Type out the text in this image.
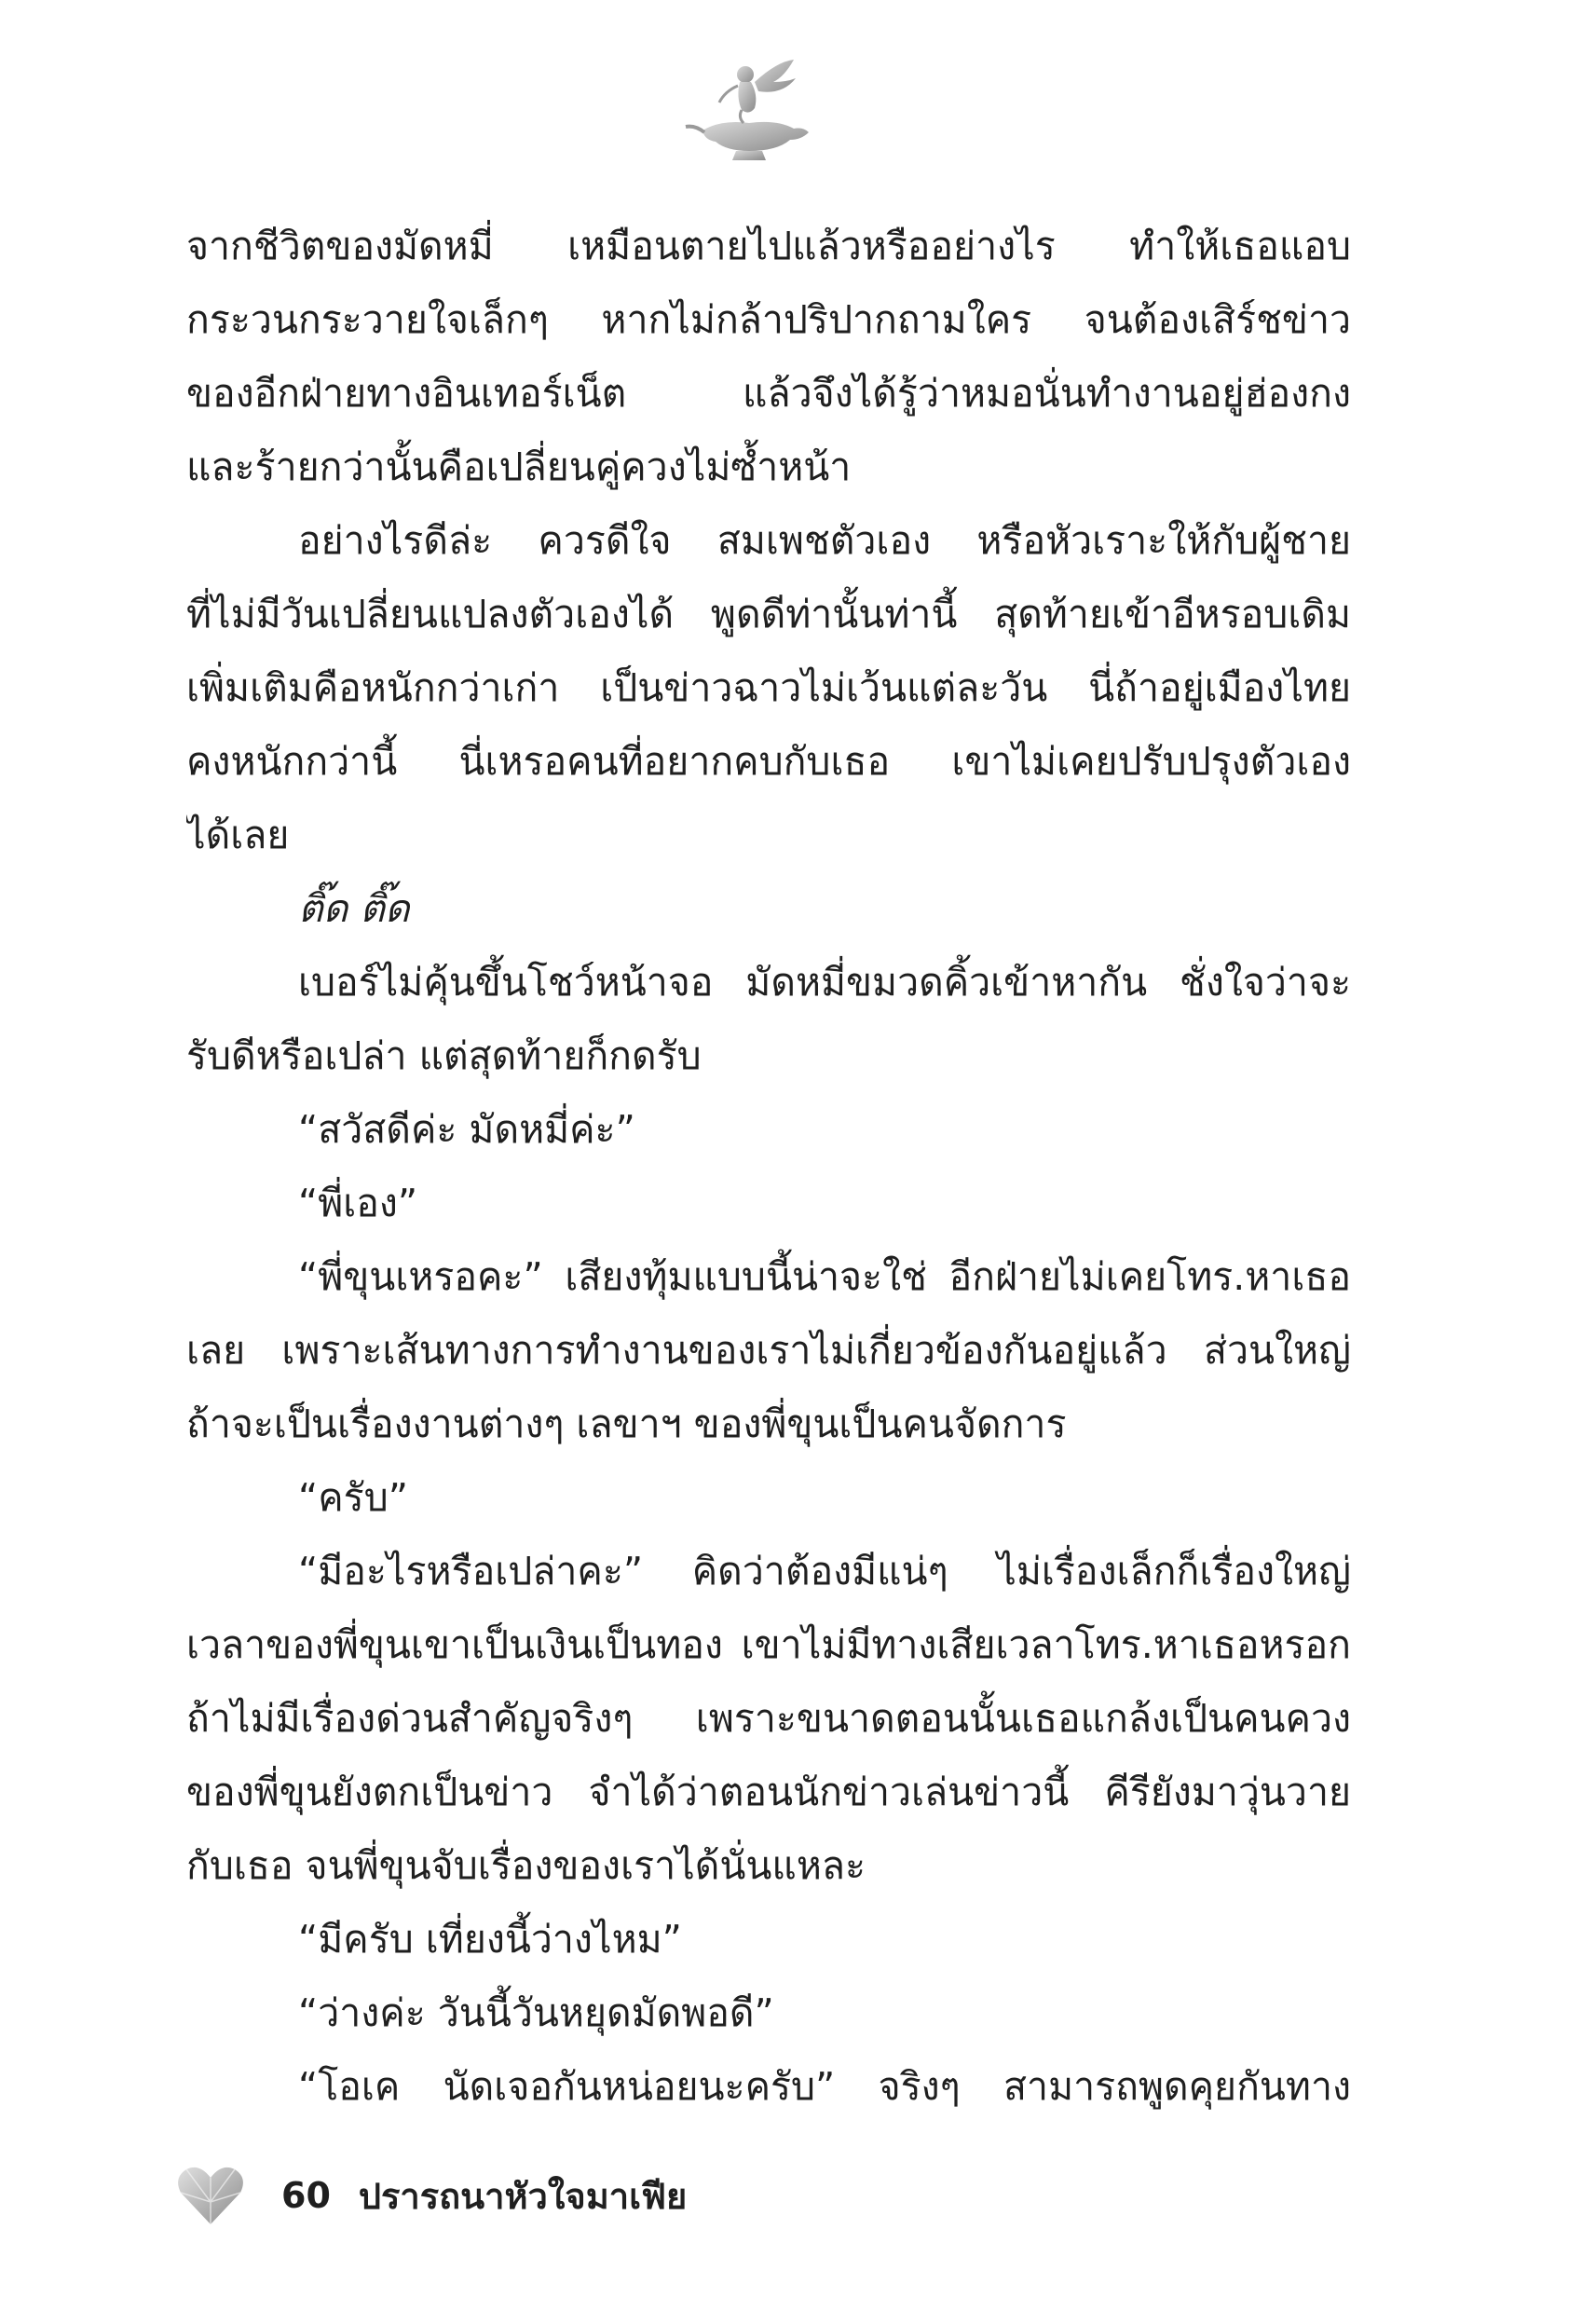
จากชีวิตของมัดหมี่ เหมือนตายไปแล้วหรืออย่างไร ทำให้เธอแอบ
กระวนกระวายใจเล็กๆ หากไม่กล้าปริปากถามใคร จนต้องเสิร์ชข่าว
ของอีกฝ่ายทางอินเทอร์เน็ต แล้วจึงได้รู้ว่าหมอนั่นทำงานอยู่ฮ่องกง
และร้ายกว่านั้นคือเปลี่ยนคู่ควงไม่ซ้ำหน้า
อย่างไรดีล่ะ ควรดีใจ สมเพชตัวเอง หรือหัวเราะให้กับผู้ชาย
ที่ไม่มีวันเปลี่ยนแปลงตัวเองได้ พูดดีท่านั้นท่านี้ สุดท้ายเข้าอีหรอบเดิม
เพิ่มเติมคือหนักกว่าเก่า เป็นข่าวฉาวไม่เว้นแต่ละวัน นี่ถ้าอยู่เมืองไทย
คงหนักกว่านี้ นี่เหรอคนที่อยากคบกับเธอ เขาไม่เคยปรับปรุงตัวเอง
ได้เลย
ติ๊ด ติ๊ด
เบอร์ไม่คุ้นขึ้นโชว์หน้าจอ มัดหมี่ขมวดคิ้วเข้าหากัน ชั่งใจว่าจะ
รับดีหรือเปล่า แต่สุดท้ายก็กดรับ
“สวัสดีค่ะ มัดหมี่ค่ะ”
“พี่เอง”
“พี่ขุนเหรอคะ” เสียงทุ้มแบบนี้น่าจะใช่ อีกฝ่ายไม่เคยโทร.หาเธอ
เลย เพราะเส้นทางการทำงานของเราไม่เกี่ยวข้องกันอยู่แล้ว ส่วนใหญ่
ถ้าจะเป็นเรื่องงานต่างๆ เลขาฯ ของพี่ขุนเป็นคนจัดการ
“ครับ”
“มีอะไรหรือเปล่าคะ” คิดว่าต้องมีแน่ๆ ไม่เรื่องเล็กก็เรื่องใหญ่
เวลาของพี่ขุนเขาเป็นเงินเป็นทอง เขาไม่มีทางเสียเวลาโทร.หาเธอหรอก
ถ้าไม่มีเรื่องด่วนสำคัญจริงๆ เพราะขนาดตอนนั้นเธอแกล้งเป็นคนควง
ของพี่ขุนยังตกเป็นข่าว จำได้ว่าตอนนักข่าวเล่นข่าวนี้ คีรียังมาวุ่นวาย
กับเธอ จนพี่ขุนจับเรื่องของเราได้นั่นแหละ
“มีครับ เที่ยงนี้ว่างไหม”
“ว่างค่ะ วันนี้วันหยุดมัดพอดี”
“โอเค นัดเจอกันหน่อยนะครับ” จริงๆ สามารถพูดคุยกันทาง
60 ปรารถนาหัวใจมาเฟีย
